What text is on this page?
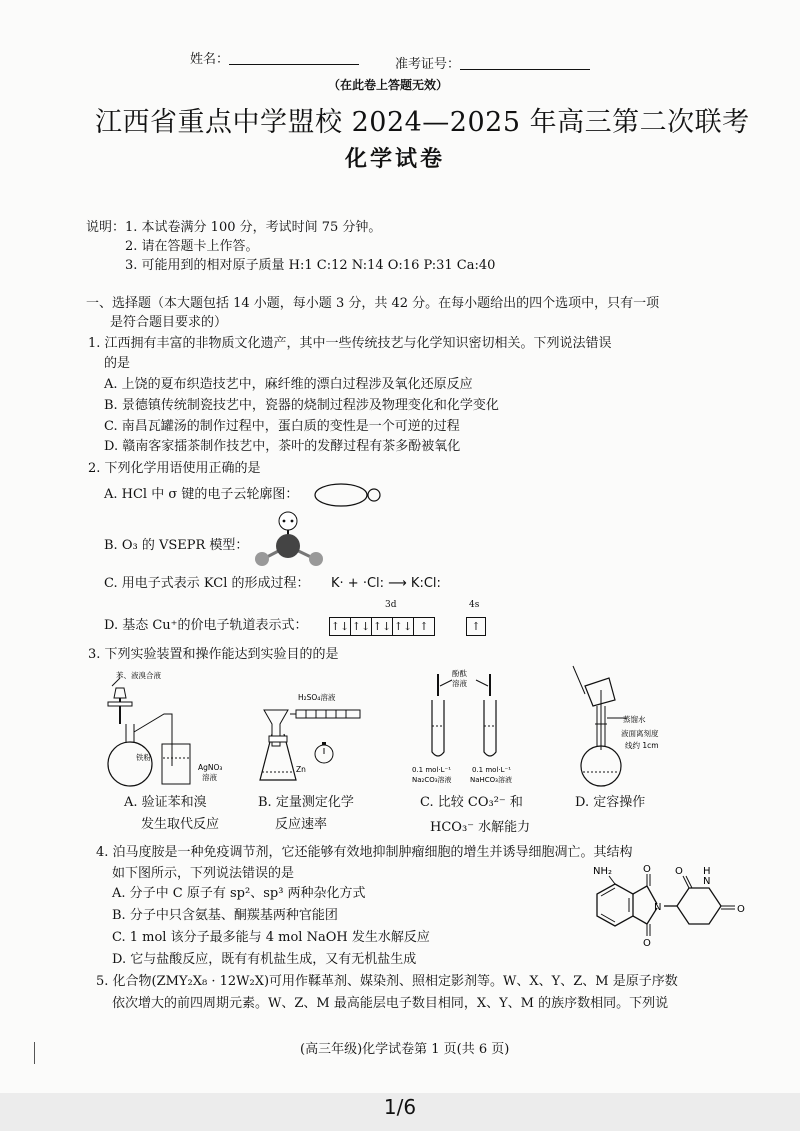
姓名：	准考证号：
（在此卷上答题无效）
江西省重点中学盟校 2024—2025 年高三第二次联考
化学试卷
说明： 1. 本试卷满分 100 分，考试时间 75 分钟。
2. 请在答题卡上作答。
3. 可能用到的相对原子质量 H:1 C:12 N:14 O:16 P:31 Ca:40
一、选择题（本大题包括 14 小题，每小题 3 分，共 42 分。在每小题给出的四个选项中，只有一项
是符合题目要求的）
1. 江西拥有丰富的非物质文化遗产，其中一些传统技艺与化学知识密切相关。下列说法错误
的是
A. 上饶的夏布织造技艺中，麻纤维的漂白过程涉及氧化还原反应
B. 景德镇传统制瓷技艺中，瓷器的烧制过程涉及物理变化和化学变化
C. 南昌瓦罐汤的制作过程中，蛋白质的变性是一个可逆的过程
D. 赣南客家擂茶制作技艺中，茶叶的发酵过程有茶多酚被氧化
2. 下列化学用语使用正确的是
A. HCl 中 σ 键的电子云轮廓图：
B. O₃ 的 VSEPR 模型：
C. 用电子式表示 KCl 的形成过程： K· + ·Cl: ⟶ K:Cl:
3d	4s
D. 基态 Cu⁺的价电子轨道表示式： ↑↓ ↑↓ ↑↓ ↑↓ ↑	↑
3. 下列实验装置和操作能达到实验目的的是
苯、液溴合液
铁粉
AgNO₃
溶液
A. 验证苯和溴
发生取代反应
H₂SO₄溶液
Zn
B. 定量测定化学
反应速率
酚酞
溶液
0.1 mol·L⁻¹
Na₂CO₃溶液
0.1 mol·L⁻¹
NaHCO₃溶液
C. 比较 CO₃²⁻ 和
HCO₃⁻ 水解能力
蒸馏水
液面离刻度
线约 1cm
D. 定容操作
4. 泊马度胺是一种免疫调节剂，它还能够有效地抑制肿瘤细胞的增生并诱导细胞凋亡。其结构
如下图所示，下列说法错误的是
A. 分子中 C 原子有 sp²、sp³ 两种杂化方式
B. 分子中只含氨基、酮羰基两种官能团
C. 1 mol 该分子最多能与 4 mol NaOH 发生水解反应
D. 它与盐酸反应，既有有机盐生成，又有无机盐生成
NH₂	O
O
N
O
N
H
O
5. 化合物(ZMY₂X₈ · 12W₂X)可用作鞣革剂、媒染剂、照相定影剂等。W、X、Y、Z、M 是原子序数
依次增大的前四周期元素。W、Z、M 最高能层电子数目相同，X、Y、M 的族序数相同。下列说
(高三年级)化学试卷第 1 页(共 6 页)
1/6
